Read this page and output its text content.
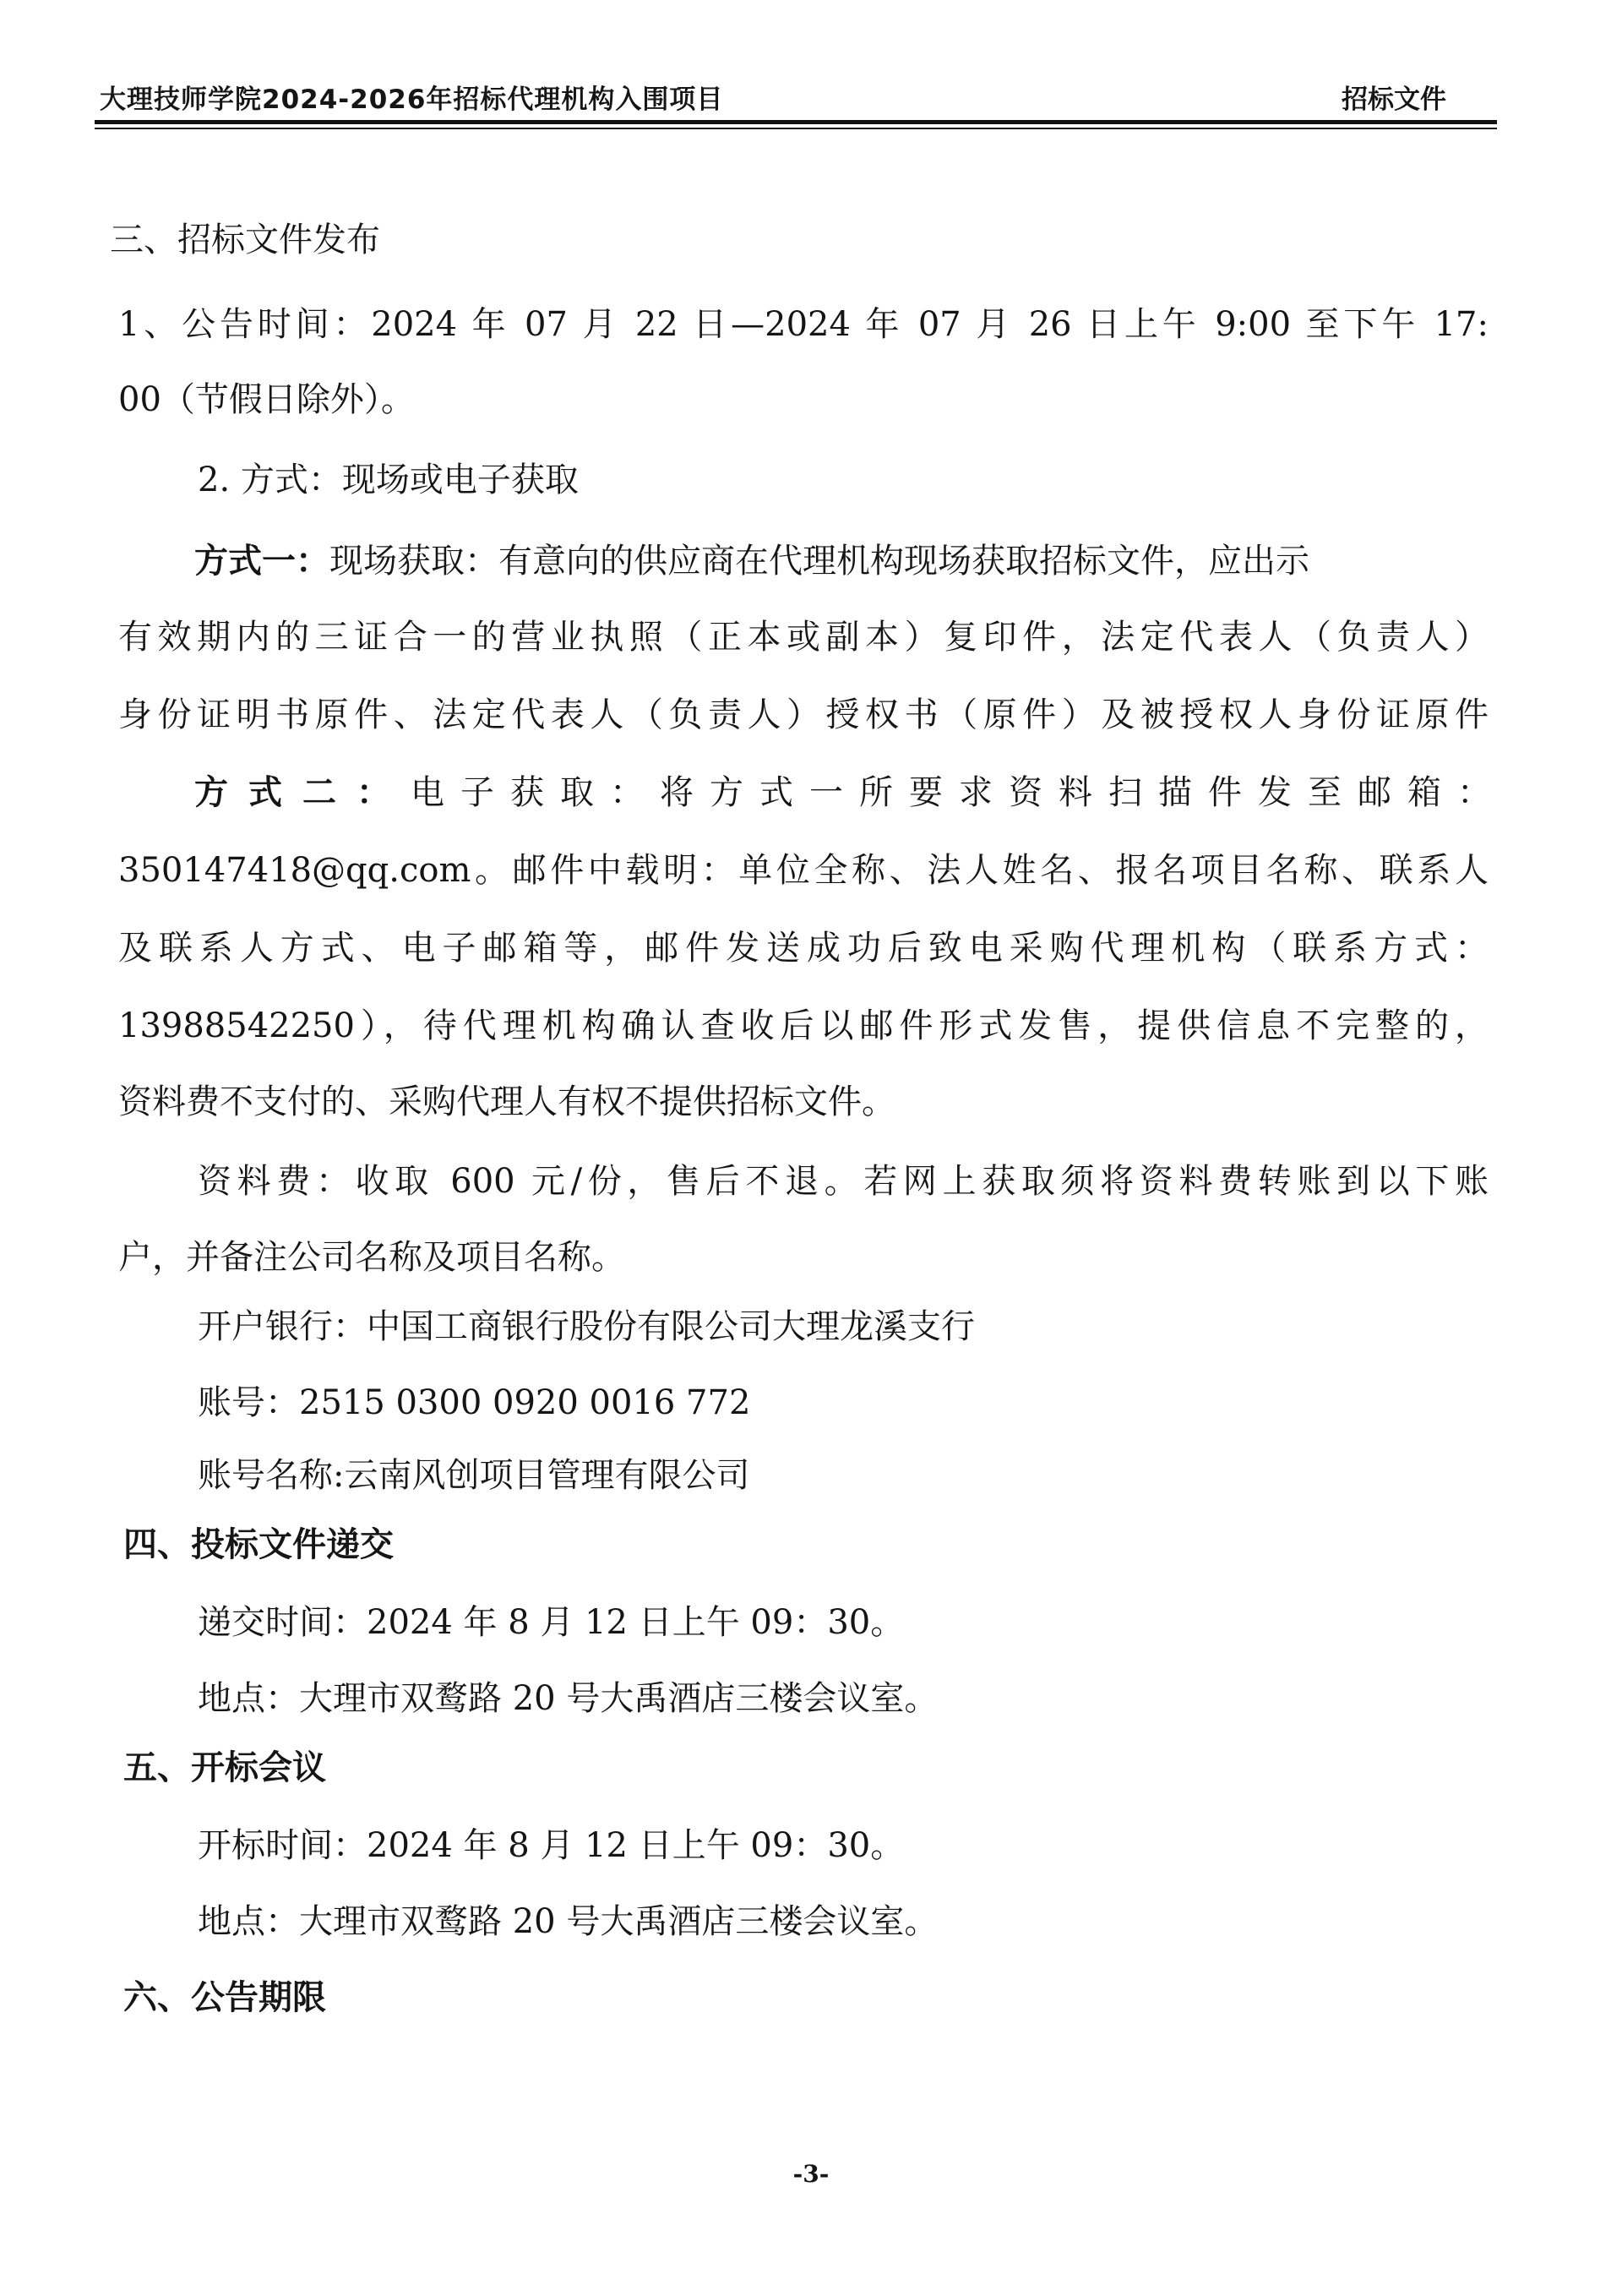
大理技师学院2024-2026年招标代理机构入围项目	招标文件
三、招标文件发布
1、公告时间：2024 年 07 月 22 日—2024 年 07 月 26 日上午 9:00 至下午 17:
00（节假日除外）。
2. 方式：现场或电子获取
方式一：现场获取：有意向的供应商在代理机构现场获取招标文件，应出示
有效期内的三证合一的营业执照（正本或副本）复印件，法定代表人（负责人）
身份证明书原件、法定代表人（负责人）授权书（原件）及被授权人身份证原件
方式二： 电子获取：将方式一所要求资料扫描件发至邮箱：
350147418@qq.com。邮件中载明：单位全称、法人姓名、报名项目名称、联系人
及联系人方式、电子邮箱等，邮件发送成功后致电采购代理机构（联系方式：
13988542250），待代理机构确认查收后以邮件形式发售，提供信息不完整的，
资料费不支付的、采购代理人有权不提供招标文件。
资料费：收取 600 元/份，售后不退。若网上获取须将资料费转账到以下账
户，并备注公司名称及项目名称。
开户银行：中国工商银行股份有限公司大理龙溪支行
账号：2515 0300 0920 0016 772
账号名称:云南风创项目管理有限公司
四、投标文件递交
递交时间：2024 年 8 月 12 日上午 09：30。
地点：大理市双鹜路 20 号大禹酒店三楼会议室。
五、开标会议
开标时间：2024 年 8 月 12 日上午 09：30。
地点：大理市双鹜路 20 号大禹酒店三楼会议室。
六、公告期限
-3-
